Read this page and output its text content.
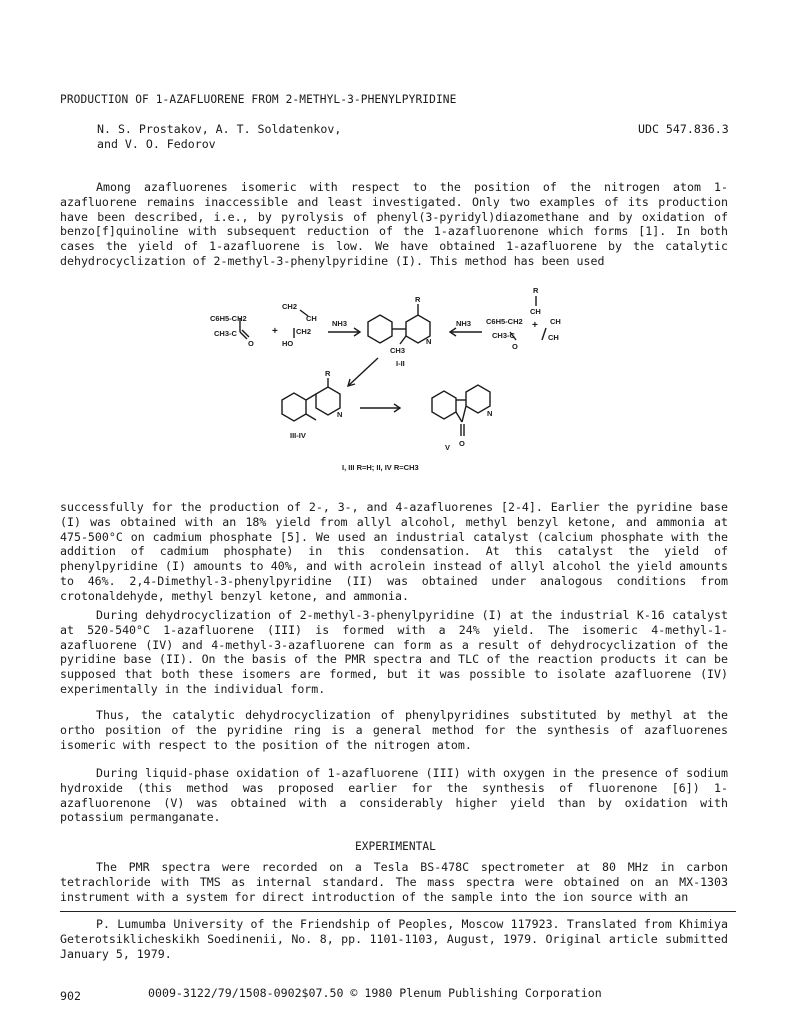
PRODUCTION OF 1-AZAFLUORENE FROM 2-METHYL-3-PHENYLPYRIDINE
N. S. Prostakov, A. T. Soldatenkov,
and V. O. Fedorov
UDC 547.836.3
Among azafluorenes isomeric with respect to the position of the nitrogen atom 1-azafluorene remains inaccessible and least investigated. Only two examples of its production have been described, i.e., by pyrolysis of phenyl(3-pyridyl)diazomethane and by oxidation of benzo[f]quinoline with subsequent reduction of the 1-azafluorenone which forms [1]. In both cases the yield of 1-azafluorene is low. We have obtained 1-azafluorene by the catalytic dehydrocyclization of 2-methyl-3-phenylpyridine (I). This method has been used
C6H5-CH2
CH3-C
O
+
CH2
CH
CH2
HO
NH3
R
N
CH3
I-II
NH3
R
C6H5-CH2
CH3-C
CH
CH
+
CH
O
R
N
III-IV
N
O
V
I, III R=H; II, IV R=CH3
successfully for the production of 2-, 3-, and 4-azafluorenes [2-4]. Earlier the pyridine base (I) was obtained with an 18% yield from allyl alcohol, methyl benzyl ketone, and ammonia at 475-500°C on cadmium phosphate [5]. We used an industrial catalyst (calcium phosphate with the addition of cadmium phosphate) in this condensation. At this catalyst the yield of phenylpyridine (I) amounts to 40%, and with acrolein instead of allyl alcohol the yield amounts to 46%. 2,4-Dimethyl-3-phenylpyridine (II) was obtained under analogous conditions from crotonaldehyde, methyl benzyl ketone, and ammonia.
During dehydrocyclization of 2-methyl-3-phenylpyridine (I) at the industrial K-16 catalyst at 520-540°C 1-azafluorene (III) is formed with a 24% yield. The isomeric 4-methyl-1-azafluorene (IV) and 4-methyl-3-azafluorene can form as a result of dehydrocyclization of the pyridine base (II). On the basis of the PMR spectra and TLC of the reaction products it can be supposed that both these isomers are formed, but it was possible to isolate azafluorene (IV) experimentally in the individual form.
Thus, the catalytic dehydrocyclization of phenylpyridines substituted by methyl at the ortho position of the pyridine ring is a general method for the synthesis of azafluorenes isomeric with respect to the position of the nitrogen atom.
During liquid-phase oxidation of 1-azafluorene (III) with oxygen in the presence of sodium hydroxide (this method was proposed earlier for the synthesis of fluorenone [6]) 1-azafluorenone (V) was obtained with a considerably higher yield than by oxidation with potassium permanganate.
EXPERIMENTAL
The PMR spectra were recorded on a Tesla BS-478C spectrometer at 80 MHz in carbon tetrachloride with TMS as internal standard. The mass spectra were obtained on an MX-1303 instrument with a system for direct introduction of the sample into the ion source with an
P. Lumumba University of the Friendship of Peoples, Moscow 117923. Translated from Khimiya Geterotsiklicheskikh Soedinenii, No. 8, pp. 1101-1103, August, 1979. Original article submitted January 5, 1979.
902	0009-3122/79/1508-0902$07.50 © 1980 Plenum Publishing Corporation
